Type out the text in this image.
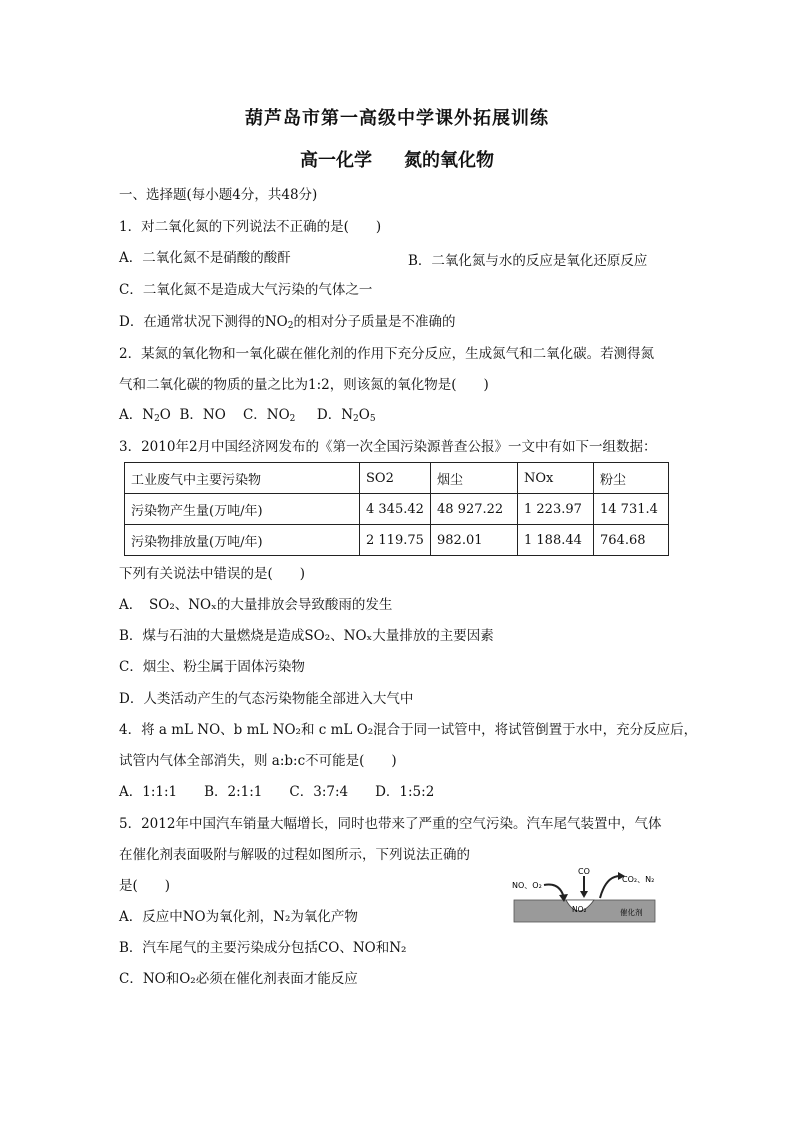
葫芦岛市第一高级中学课外拓展训练
高一化学 氮的氧化物
一、选择题(每小题4分，共48分)
1．对二氧化氮的下列说法不正确的是(　　)
A．二氧化氮不是硝酸的酸酐	B．二氧化氮与水的反应是氧化还原反应
C．二氧化氮不是造成大气污染的气体之一
D．在通常状况下测得的$NO_2$的相对分子质量是不准确的
2．某氮的氧化物和一氧化碳在催化剂的作用下充分反应，生成氮气和二氧化碳。若测得氮
气和二氧化碳的物质的量之比为1:2，则该氮的氧化物是(　　)
A．$N_2O$ B．NO C．$NO_2$ D．$N_2O_5$
3．2010年2月中国经济网发布的《第一次全国污染源普查公报》一文中有如下一组数据：
工业废气中主要污染物	SO2	烟尘	NOx	粉尘
污染物产生量(万吨/年)	4 345.42	48 927.22	1 223.97	14 731.4
污染物排放量(万吨/年)	2 119.75	982.01	1 188.44	764.68
下列有关说法中错误的是(　　)
A．　SO₂、NOₓ的大量排放会导致酸雨的发生
B．煤与石油的大量燃烧是造成SO₂、NOₓ大量排放的主要因素
C．烟尘、粉尘属于固体污染物
D．人类活动产生的气态污染物能全部进入大气中
4．将 a mL NO、b mL NO₂和 c mL O₂混合于同一试管中，将试管倒置于水中，充分反应后，
试管内气体全部消失，则 a:b:c不可能是(　　)
A．1:1:1　　B．2:1:1　　C．3:7:4　　D．1:5:2
5．2012年中国汽车销量大幅增长，同时也带来了严重的空气污染。汽车尾气装置中，气体
在催化剂表面吸附与解吸的过程如图所示，下列说法正确的
是(　　)
A．反应中NO为氧化剂，N₂为氧化产物
B．汽车尾气的主要污染成分包括CO、NO和N₂
C．NO和O₂必须在催化剂表面才能反应
NO、O₂
CO
CO₂、N₂
NO₂	催化剂
